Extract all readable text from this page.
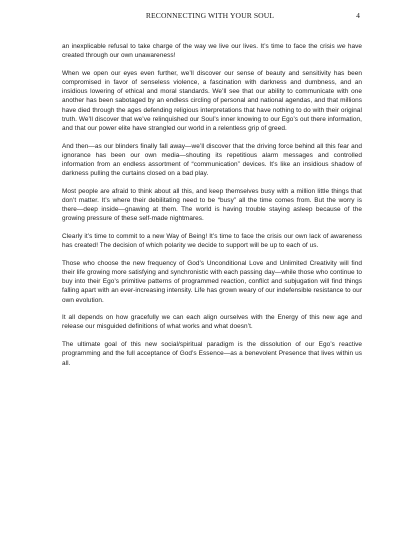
RECONNECTING WITH YOUR SOUL	4

an inexplicable refusal to take charge of the way we live our lives. It’s time to face the crisis we have created through our own unawareness!

When we open our eyes even further, we’ll discover our sense of beauty and sensitivity has been compromised in favor of senseless violence, a fascination with darkness and dumbness, and an insidious lowering of ethical and moral standards. We’ll see that our ability to communicate with one another has been sabotaged by an endless circling of personal and national agendas, and that millions have died through the ages defending religious interpretations that have nothing to do with their original truth. We’ll discover that we’ve relinquished our Soul’s inner knowing to our Ego’s out there information, and that our power elite have strangled our world in a relentless grip of greed.

And then—as our blinders finally fall away—we’ll discover that the driving force behind all this fear and ignorance has been our own media—shouting its repetitious alarm messages and controlled information from an endless assortment of “communication” devices. It’s like an insidious shadow of darkness pulling the curtains closed on a bad play.

Most people are afraid to think about all this, and keep themselves busy with a million little things that don’t matter. It’s where their debilitating need to be “busy” all the time comes from. But the worry is there—deep inside—gnawing at them. The world is having trouble staying asleep because of the growing pressure of these self-made nightmares.

Clearly it’s time to commit to a new Way of Being! It’s time to face the crisis our own lack of awareness has created! The decision of which polarity we decide to support will be up to each of us.

Those who choose the new frequency of God’s Unconditional Love and Unlimited Creativity will find their life growing more satisfying and synchronistic with each passing day—while those who continue to buy into their Ego’s primitive patterns of programmed reaction, conflict and subjugation will find things falling apart with an ever-increasing intensity. Life has grown weary of our indefensible resistance to our own evolution.

It all depends on how gracefully we can each align ourselves with the Energy of this new age and release our misguided definitions of what works and what doesn’t.

The ultimate goal of this new social/spiritual paradigm is the dissolution of our Ego’s reactive programming and the full acceptance of God’s Essence—as a benevolent Presence that lives within us all.
